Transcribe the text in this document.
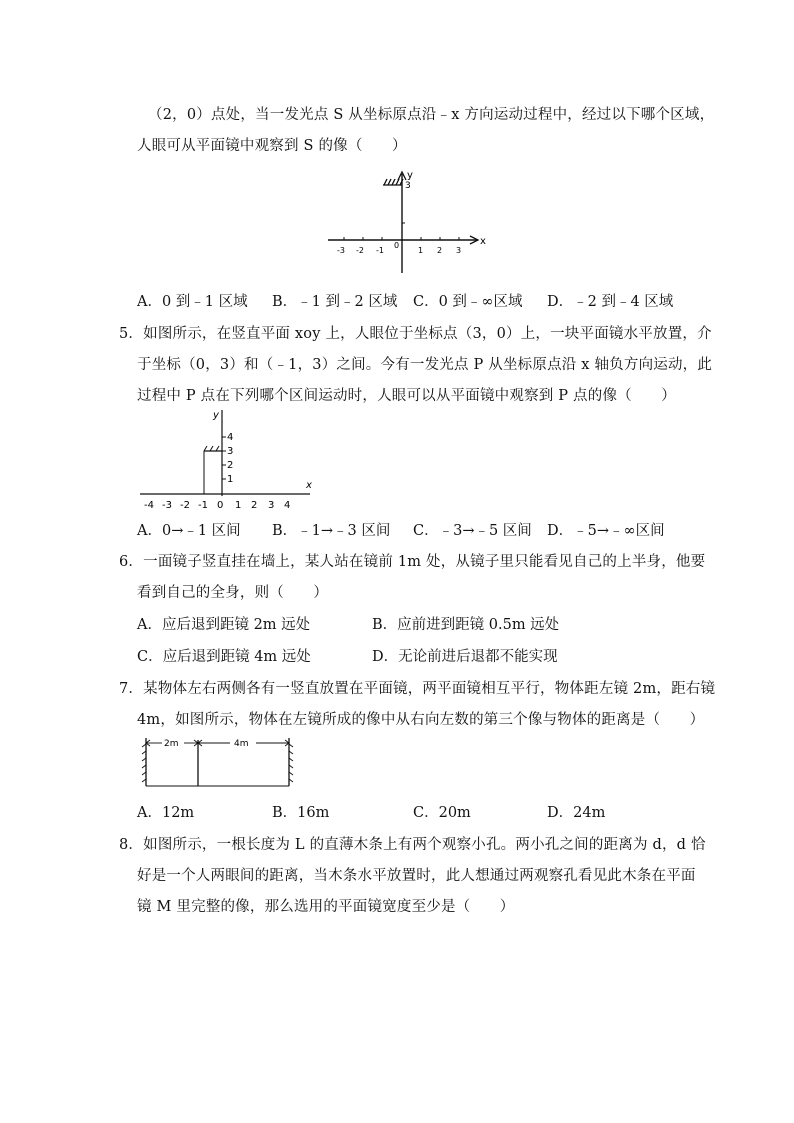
（2，0）点处，当一发光点 S 从坐标原点沿﹣x 方向运动过程中，经过以下哪个区域，
人眼可从平面镜中观察到 S 的像（　　）
y
3
x
-3 -2 -1
0
1 2 3
A．0 到﹣1 区域 B．﹣1 到﹣2 区域 C．0 到﹣∞区域 D．﹣2 到﹣4 区域
5．如图所示，在竖直平面 xoy 上，人眼位于坐标点（3，0）上，一块平面镜水平放置，介
于坐标（0，3）和（﹣1，3）之间。今有一发光点 P 从坐标原点沿 x 轴负方向运动，此
过程中 P 点在下列哪个区间运动时，人眼可以从平面镜中观察到 P 点的像（　　）
y
4
3
2
1
x
-4 -3 -2 -1 0 1 2 3 4
A．0→﹣1 区间 B．﹣1→﹣3 区间 C．﹣3→﹣5 区间 D．﹣5→﹣∞区间
6．一面镜子竖直挂在墙上，某人站在镜前 1m 处，从镜子里只能看见自己的上半身，他要
看到自己的全身，则（　　）
A．应后退到距镜 2m 远处	B．应前进到距镜 0.5m 远处
C．应后退到距镜 4m 远处	D．无论前进后退都不能实现
7．某物体左右两侧各有一竖直放置在平面镜，两平面镜相互平行，物体距左镜 2m，距右镜
4m，如图所示，物体在左镜所成的像中从右向左数的第三个像与物体的距离是（　　）
2m	4m
A．12m	B．16m	C．20m	D．24m
8．如图所示，一根长度为 L 的直薄木条上有两个观察小孔。两小孔之间的距离为 d，d 恰
好是一个人两眼间的距离，当木条水平放置时，此人想通过两观察孔看见此木条在平面
镜 M 里完整的像，那么选用的平面镜宽度至少是（　　）
